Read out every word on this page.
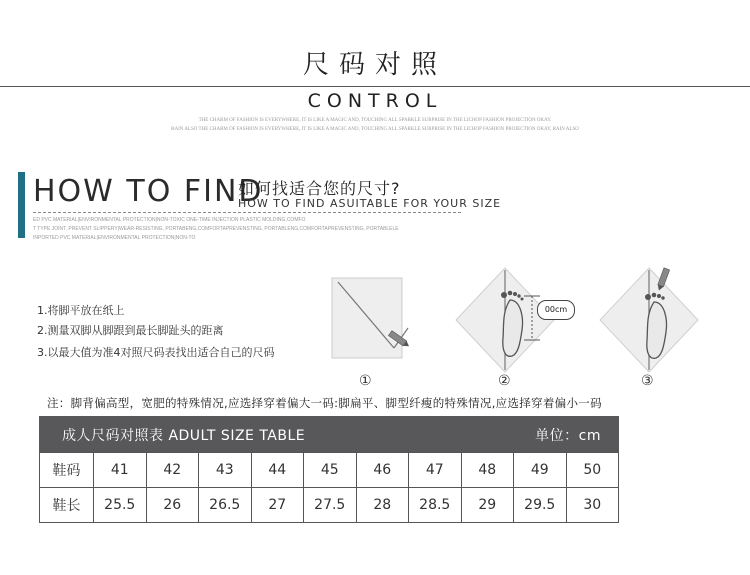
尺码对照
CONTROL
THE CHARM OF FASHION IS EVERYWHERE, IT IS LIKE A MAGIC AND, TOUCHING ALL SPARKLE SURPRISE IN THE LICHOP FASHION PROJECTION OKAY.
RAIN ALSO THE CHARM OF FASHION IS EVERYWHERE, IT IS LIKE A MAGIC AND, TOUCHING ALL SPARKLE SURPRISE IN THE LICHOP FASHION PROJECTION OKAY, RAIN ALSO
HOW TO FIND
如何找适合您的尺寸?
HOW TO FIND ASUITABLE FOR YOUR SIZE
ED PVC MATERIAL|ENVIRONMENTAL PROTECTION|NON-TOXIC ONE-TIME INJECTION PLASTIC MOLDING,COMFO
T TYPE JOINT, PREVENT SLIPPERY|WEAR-RESISTING, PORTABENG,COMFORTAPREVENSTING, PORTABLENG,COMFORTAPREVENSTING, PORTABLELE
INPORTED PVC MATERIAL|ENVIRONMENTAL PROTECTION|NON-TO
1.将脚平放在纸上
2.测量双脚从脚跟到最长脚趾头的距离
3.以最大值为准4对照尺码表找出适合自己的尺码
00cm
①	②	③
注：脚背偏高型，宽肥的特殊情况,应选择穿着偏大一码:脚扁平、脚型纤瘦的特殊情况,应选择穿着偏小一码
成人尺码对照表 ADULT SIZE TABLE	单位：cm
鞋码	41	42	43	44	45	46	47	48	49	50
鞋长	25.5	26	26.5	27	27.5	28	28.5	29	29.5	30
